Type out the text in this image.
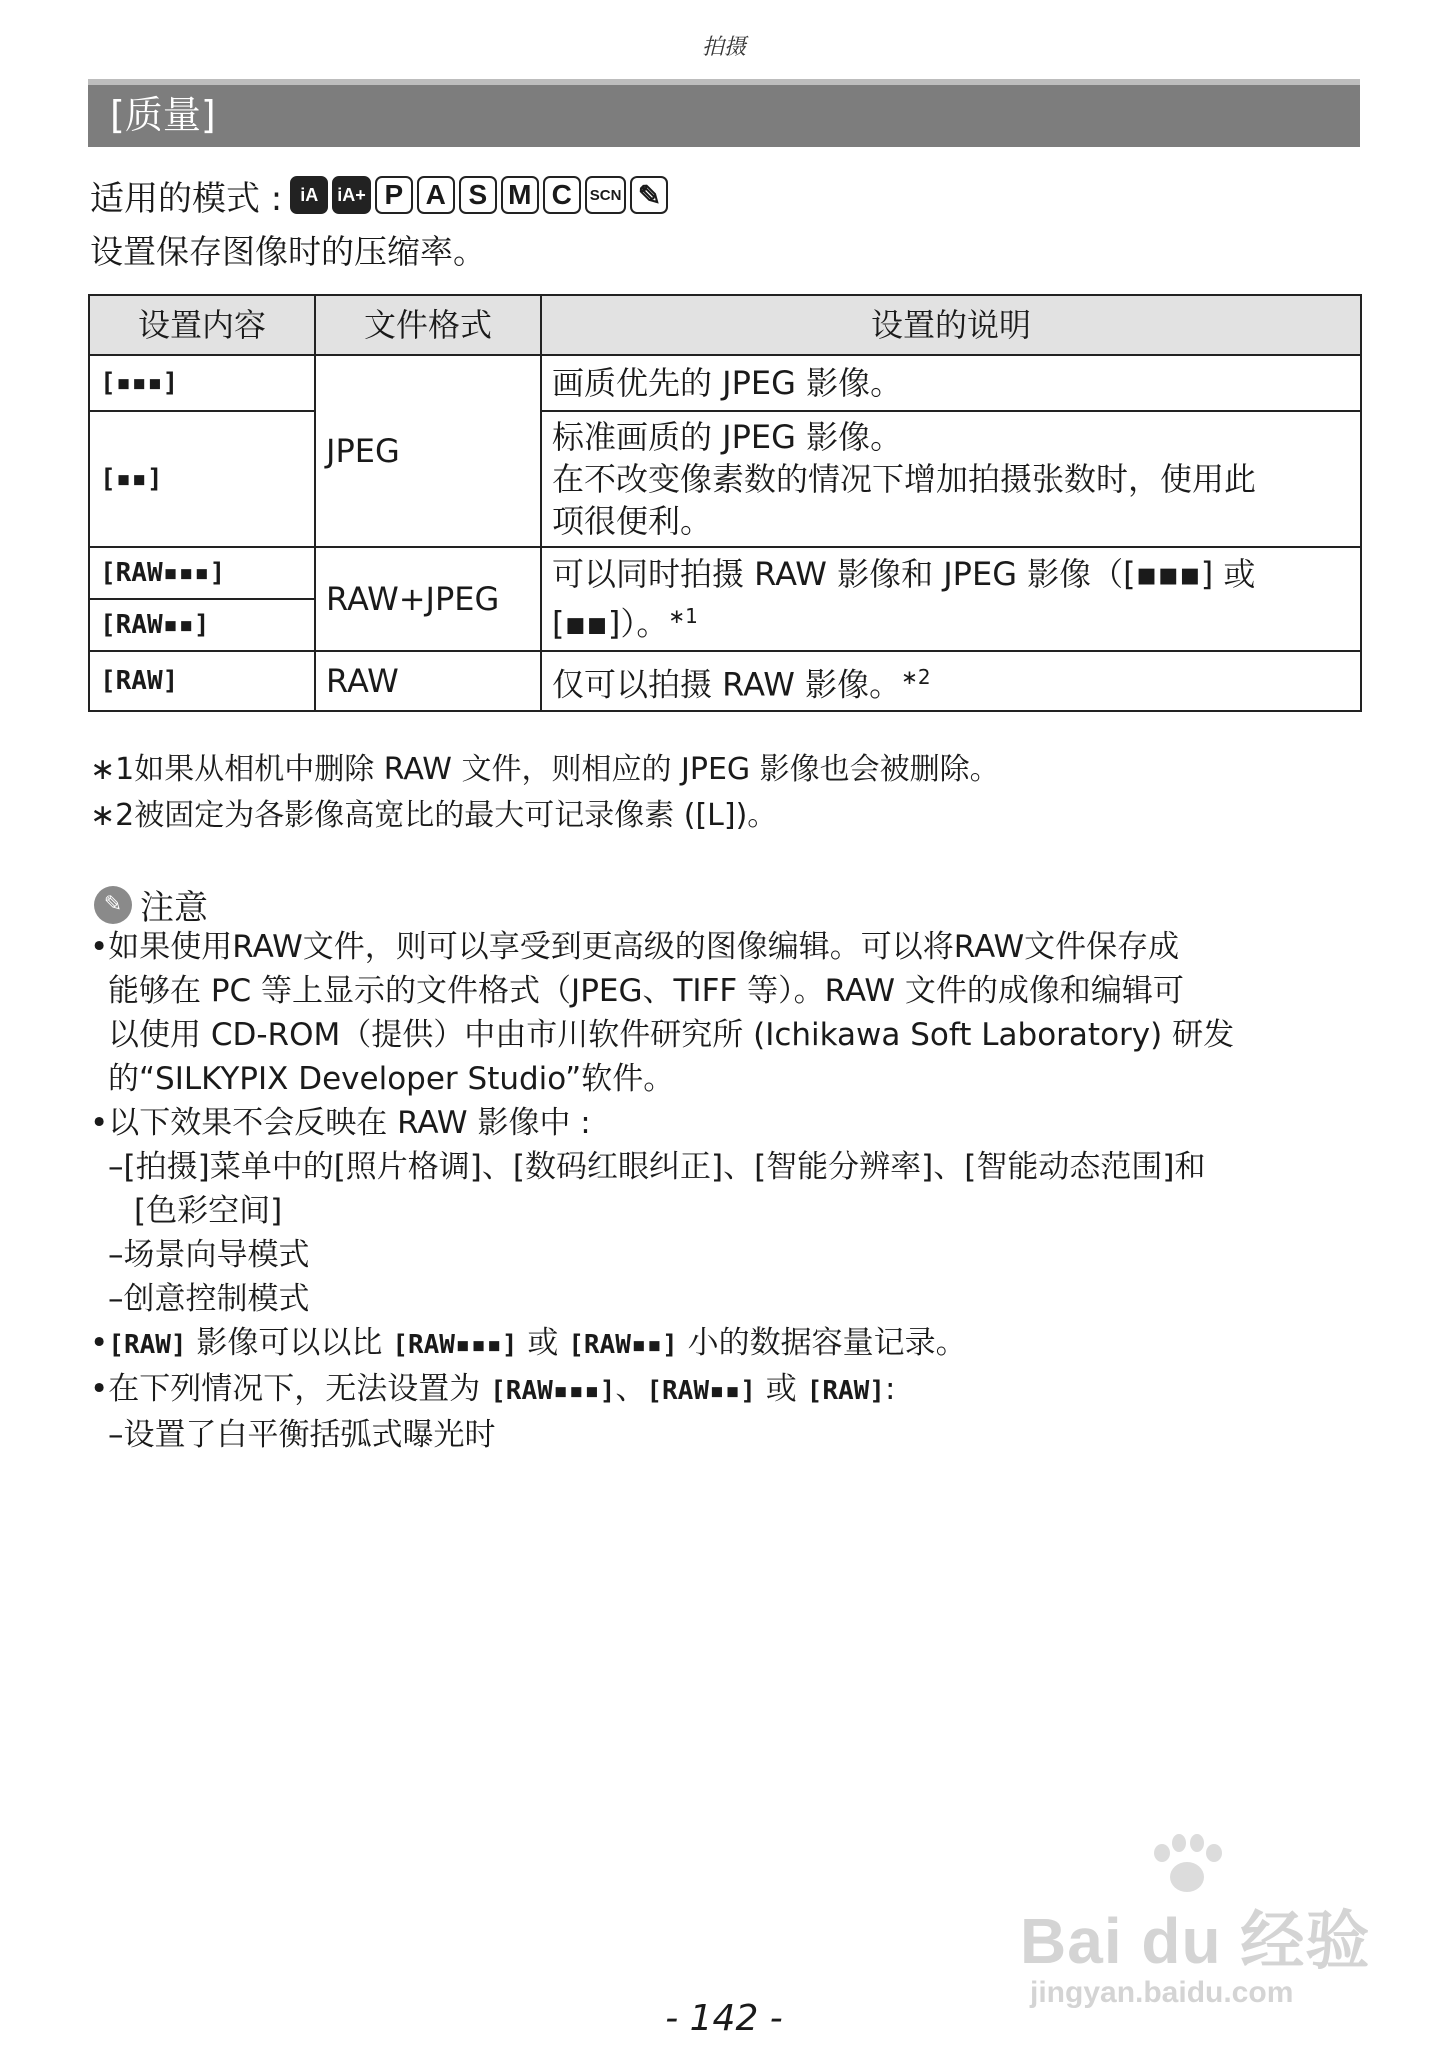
拍摄
[质量]
适用的模式 :	iA	iA+ P A S M C	SCN ✎
设置保存图像时的压缩率。
设置内容	文件格式	设置的说明
[▪▪▪]	JPEG	画质优先的 JPEG 影像。
[▪▪]		标准画质的 JPEG 影像。
在不改变像素数的情况下增加拍摄张数时，使用此
项很便利。

[RAW▪▪▪]	RAW+JPEG	可以同时拍摄 RAW 影像和 JPEG 影像（[▪▪▪] 或
[▪▪]）。$^{∗1}$

[RAW▪▪]		
[RAW]	RAW	仅可以拍摄 RAW 影像。$^{∗2}$
∗1如果从相机中删除 RAW 文件，则相应的 JPEG 影像也会被删除。
∗2被固定为各影像高宽比的最大可记录像素 ([L])。
✎ 注意
•如果使用RAW文件，则可以享受到更高级的图像编辑。可以将RAW文件保存成
能够在 PC 等上显示的文件格式（JPEG、TIFF 等）。RAW 文件的成像和编辑可
以使用 CD-ROM（提供）中由市川软件研究所 (Ichikawa Soft Laboratory) 研发
的“SILKYPIX Developer Studio”软件。
•以下效果不会反映在 RAW 影像中 :
–[拍摄]菜单中的[照片格调]、[数码红眼纠正]、[智能分辨率]、[智能动态范围]和
[色彩空间]
–场景向导模式
–创意控制模式
•[RAW] 影像可以以比 [RAW▪▪▪] 或 [RAW▪▪] 小的数据容量记录。
•在下列情况下，无法设置为 [RAW▪▪▪]、[RAW▪▪] 或 [RAW]:
–设置了白平衡括弧式曝光时
Bai du 经验
jingyan.baidu.com
- 142 -
